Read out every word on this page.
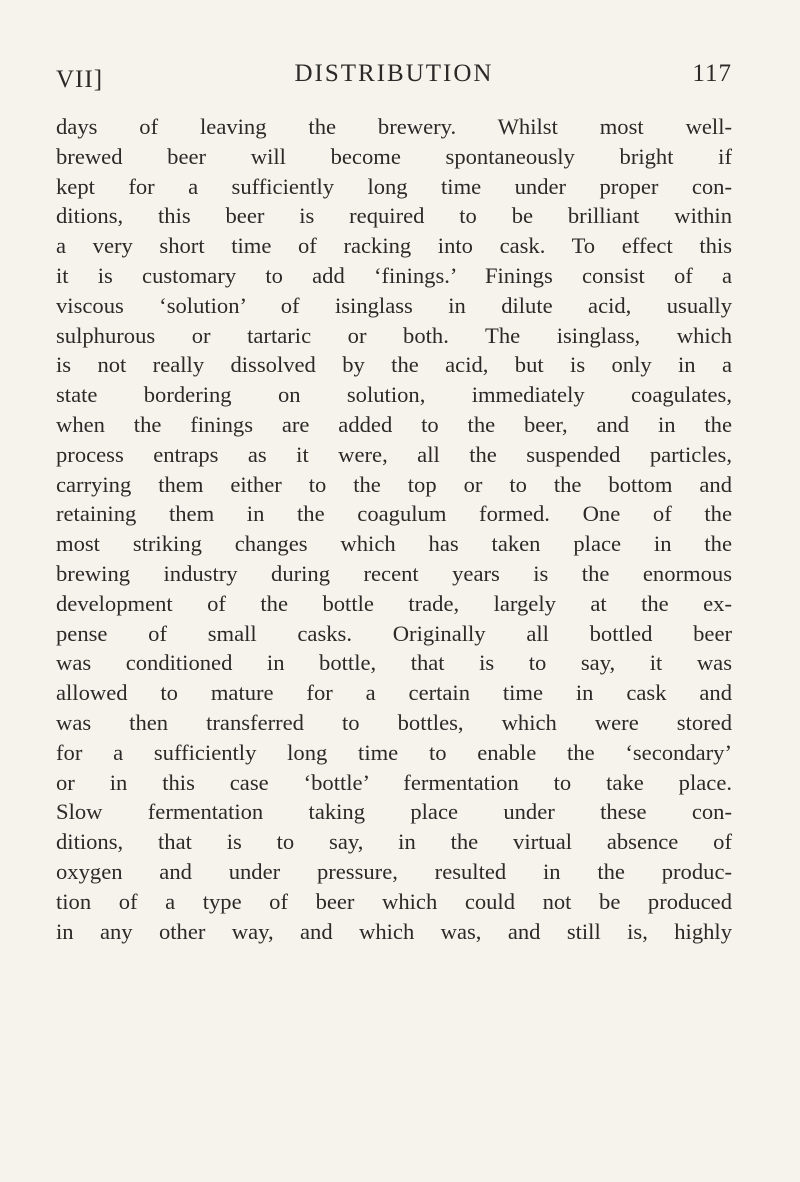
VII]	DISTRIBUTION	117
days of leaving the brewery. Whilst most well-
brewed beer will become spontaneously bright if
kept for a sufficiently long time under proper con-
ditions, this beer is required to be brilliant within
a very short time of racking into cask. To effect this
it is customary to add ‘finings.’ Finings consist of a
viscous ‘solution’ of isinglass in dilute acid, usually
sulphurous or tartaric or both. The isinglass, which
is not really dissolved by the acid, but is only in a
state bordering on solution, immediately coagulates,
when the finings are added to the beer, and in the
process entraps as it were, all the suspended particles,
carrying them either to the top or to the bottom and
retaining them in the coagulum formed. One of the
most striking changes which has taken place in the
brewing industry during recent years is the enormous
development of the bottle trade, largely at the ex-
pense of small casks. Originally all bottled beer
was conditioned in bottle, that is to say, it was
allowed to mature for a certain time in cask and
was then transferred to bottles, which were stored
for a sufficiently long time to enable the ‘secondary’
or in this case ‘bottle’ fermentation to take place.
Slow fermentation taking place under these con-
ditions, that is to say, in the virtual absence of
oxygen and under pressure, resulted in the produc-
tion of a type of beer which could not be produced
in any other way, and which was, and still is, highly
